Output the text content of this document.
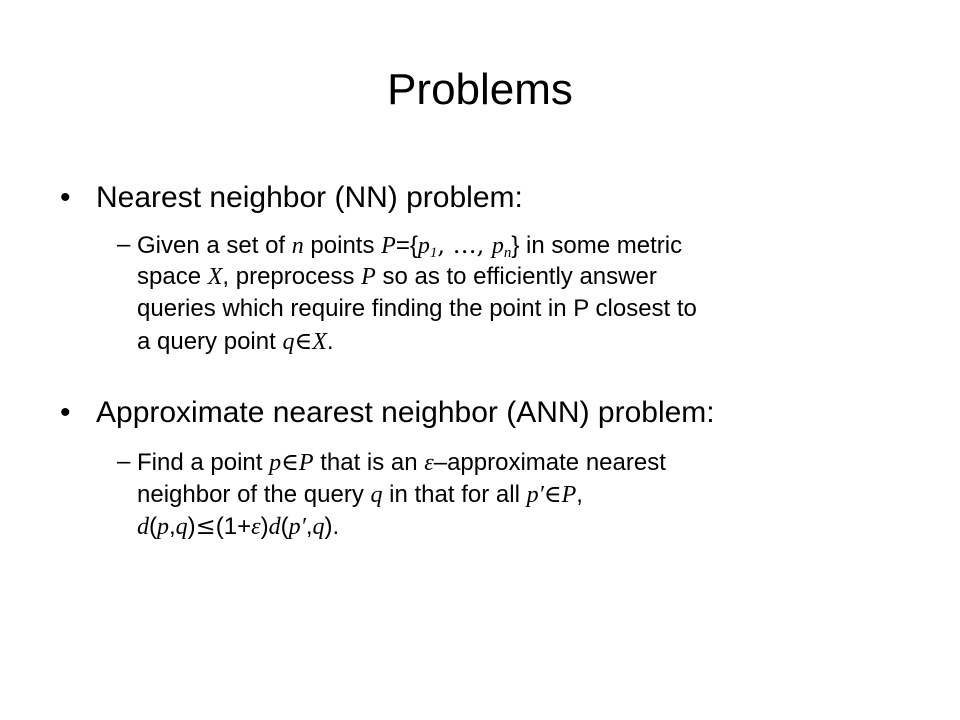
Problems
• Nearest neighbor (NN) problem:
– Given a set of n points $P=\{p_1$, …, $p_n$} in some metric
space X, preprocess P so as to efficiently answer
queries which require finding the point in P closest to
a query point q∈X.
• Approximate nearest neighbor (ANN) problem:
– Find a point p∈P that is an ε–approximate nearest
neighbor of the query q in that for all p′∈P,
d(p,q)≤(1+ε)d(p′,q).
